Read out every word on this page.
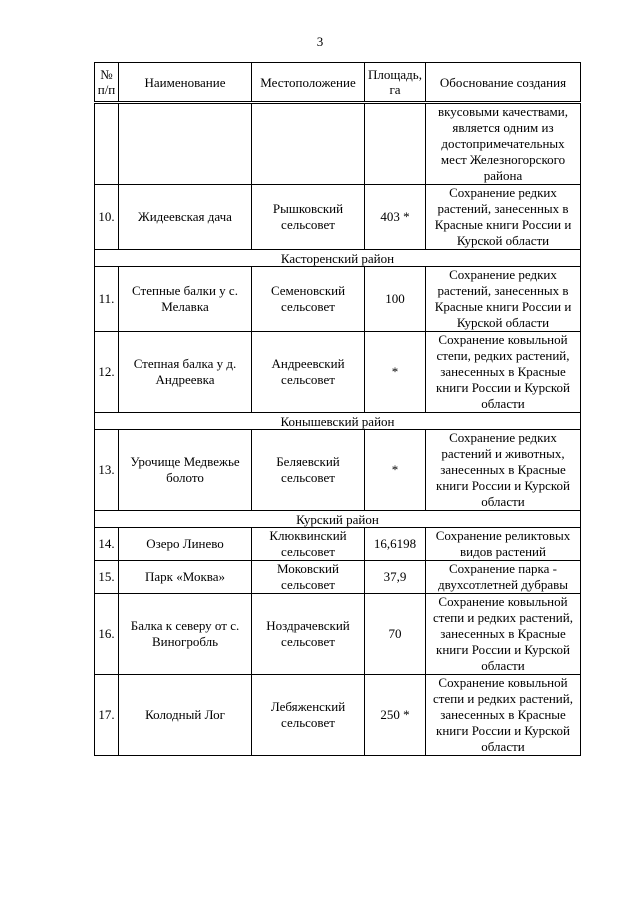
3
№ п/п	Наименование	Местоположение	Площадь, га	Обоснование создания
				вкусовыми качествами, является одним из достопримечательных мест Железногорского района
10.	Жидеевская дача	Рышковский сельсовет	403 *	Сохранение редких растений, занесенных в Красные книги России и Курской области
Касторенский район				
11.	Степные балки у с. Мелавка	Семеновский сельсовет	100	Сохранение редких растений, занесенных в Красные книги России и Курской области
12.	Степная балка у д. Андреевка	Андреевский сельсовет	*	Сохранение ковыльной степи, редких растений, занесенных в Красные книги России и Курской области
Конышевский район				
13.	Урочище Медвежье болото	Беляевский сельсовет	*	Сохранение редких растений и животных, занесенных в Красные книги России и Курской области
Курский район				
14.	Озеро Линево	Клюквинский сельсовет	16,6198	Сохранение реликтовых видов растений
15.	Парк «Моква»	Моковский сельсовет	37,9	Сохранение парка - двухсотлетней дубравы
16.	Балка к северу от с. Виногробль	Ноздрачевский сельсовет	70	Сохранение ковыльной степи и редких растений, занесенных в Красные книги России и Курской области
17.	Колодный Лог	Лебяженский сельсовет	250 *	Сохранение ковыльной степи и редких растений, занесенных в Красные книги России и Курской области
